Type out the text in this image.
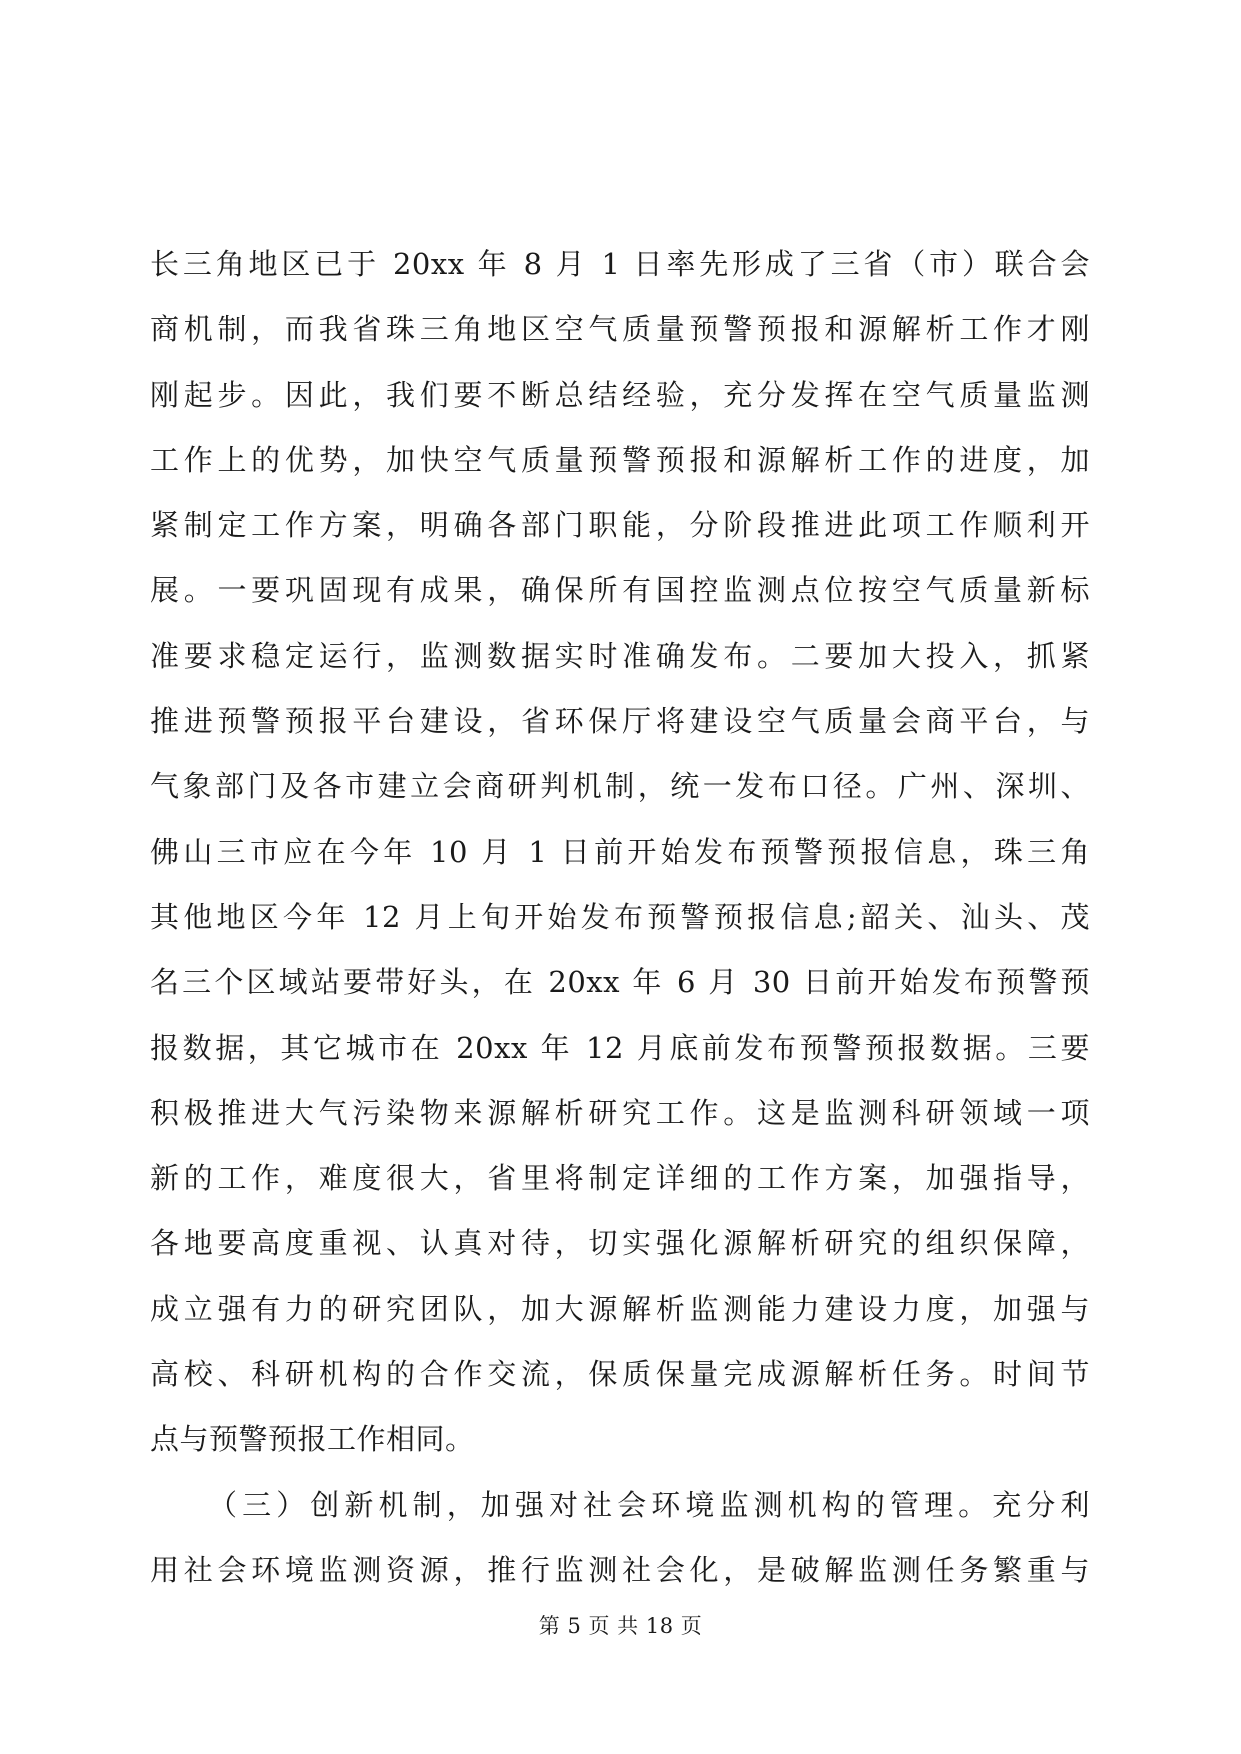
长三角地区已于 20xx 年 8 月 1 日率先形成了三省（市）联合会
商机制，而我省珠三角地区空气质量预警预报和源解析工作才刚
刚起步。因此，我们要不断总结经验，充分发挥在空气质量监测
工作上的优势，加快空气质量预警预报和源解析工作的进度，加
紧制定工作方案，明确各部门职能，分阶段推进此项工作顺利开
展。一要巩固现有成果，确保所有国控监测点位按空气质量新标
准要求稳定运行，监测数据实时准确发布。二要加大投入，抓紧
推进预警预报平台建设，省环保厅将建设空气质量会商平台，与
气象部门及各市建立会商研判机制，统一发布口径。广州、深圳、
佛山三市应在今年 10 月 1 日前开始发布预警预报信息，珠三角
其他地区今年 12 月上旬开始发布预警预报信息;韶关、汕头、茂
名三个区域站要带好头，在 20xx 年 6 月 30 日前开始发布预警预
报数据，其它城市在 20xx 年 12 月底前发布预警预报数据。三要
积极推进大气污染物来源解析研究工作。这是监测科研领域一项
新的工作，难度很大，省里将制定详细的工作方案，加强指导，
各地要高度重视、认真对待，切实强化源解析研究的组织保障，
成立强有力的研究团队，加大源解析监测能力建设力度，加强与
高校、科研机构的合作交流，保质保量完成源解析任务。时间节
点与预警预报工作相同。
（三）创新机制，加强对社会环境监测机构的管理。充分利
用社会环境监测资源，推行监测社会化，是破解监测任务繁重与
第 5 页 共 18 页
